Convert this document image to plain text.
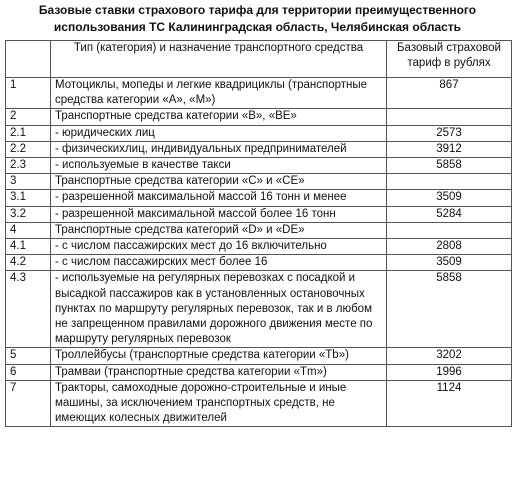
Базовые ставки страхового тарифа для территории преимущественного
использования ТС Калининградская область, Челябинская область
	Тип (категория) и назначение транспортного средства	Базовый страховой тариф в рублях
1	Мотоциклы, мопеды и легкие квадрициклы (транспортные средства категории «A», «M»)	867
2	Транспортные средства категории «B», «BE»	
2.1	- юридических лиц	2573
2.2	- физическихлиц, индивидуальных предпринимателей	3912
2.3	- используемые в качестве такси	5858
3	Транспортные средства категории «C» и «CE»	
3.1	- разрешенной максимальной массой 16 тонн и менее	3509
3.2	- разрешенной максимальной массой более 16 тонн	5284
4	Транспортные средства категорий «D» и «DE»	
4.1	- с числом пассажирских мест до 16 включительно	2808
4.2	- с числом пассажирских мест более 16	3509
4.3	- используемые на регулярных перевозках с посадкой и высадкой пассажиров как в установленных остановочных пунктах по маршруту регулярных перевозок, так и в любом не запрещенном правилами дорожного движения месте по маршруту регулярных перевозок	5858
5	Троллейбусы (транспортные средства категории «Tb»)	3202
6	Трамваи (транспортные средства категории «Tm»)	1996
7	Тракторы, самоходные дорожно-строительные и иные машины, за исключением транспортных средств, не имеющих колесных движителей	1124
